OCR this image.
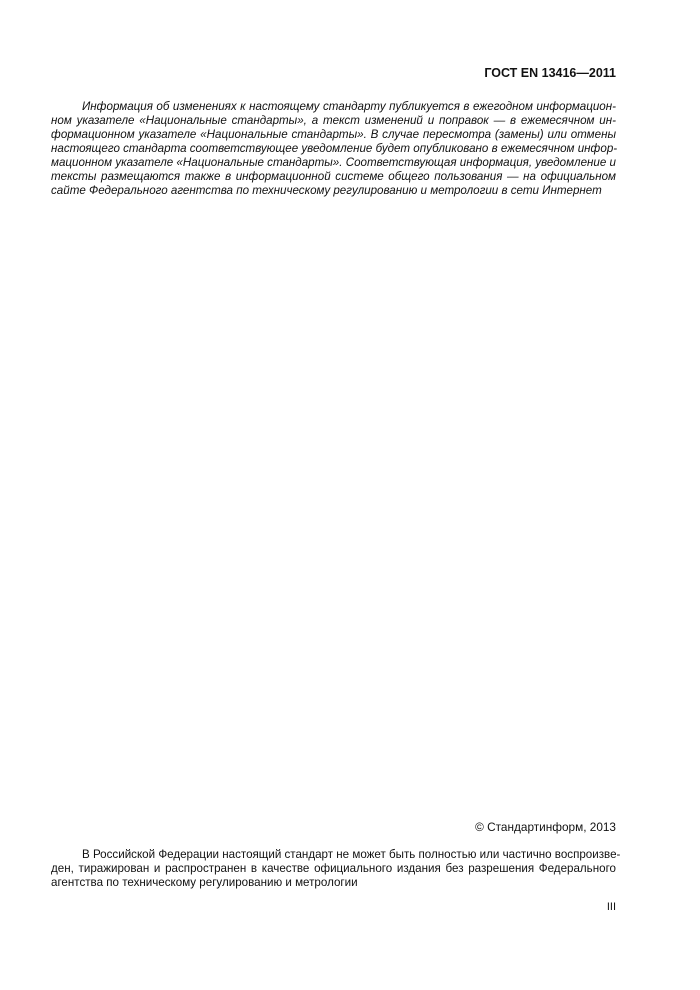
ГОСТ EN 13416—2011
Информация об изменениях к настоящему стандарту публикуется в ежегодном информацион-
ном указателе «Национальные стандарты», а текст изменений и поправок — в ежемесячном ин-
формационном указателе «Национальные стандарты». В случае пересмотра (замены) или отмены
настоящего стандарта соответствующее уведомление будет опубликовано в ежемесячном инфор-
мационном указателе «Национальные стандарты». Соответствующая информация, уведомление и
тексты размещаются также в информационной системе общего пользования — на официальном
сайте Федерального агентства по техническому регулированию и метрологии в сети Интернет
© Стандартинформ, 2013
В Российской Федерации настоящий стандарт не может быть полностью или частично воспроизве-
ден, тиражирован и распространен в качестве официального издания без разрешения Федерального
агентства по техническому регулированию и метрологии
III
